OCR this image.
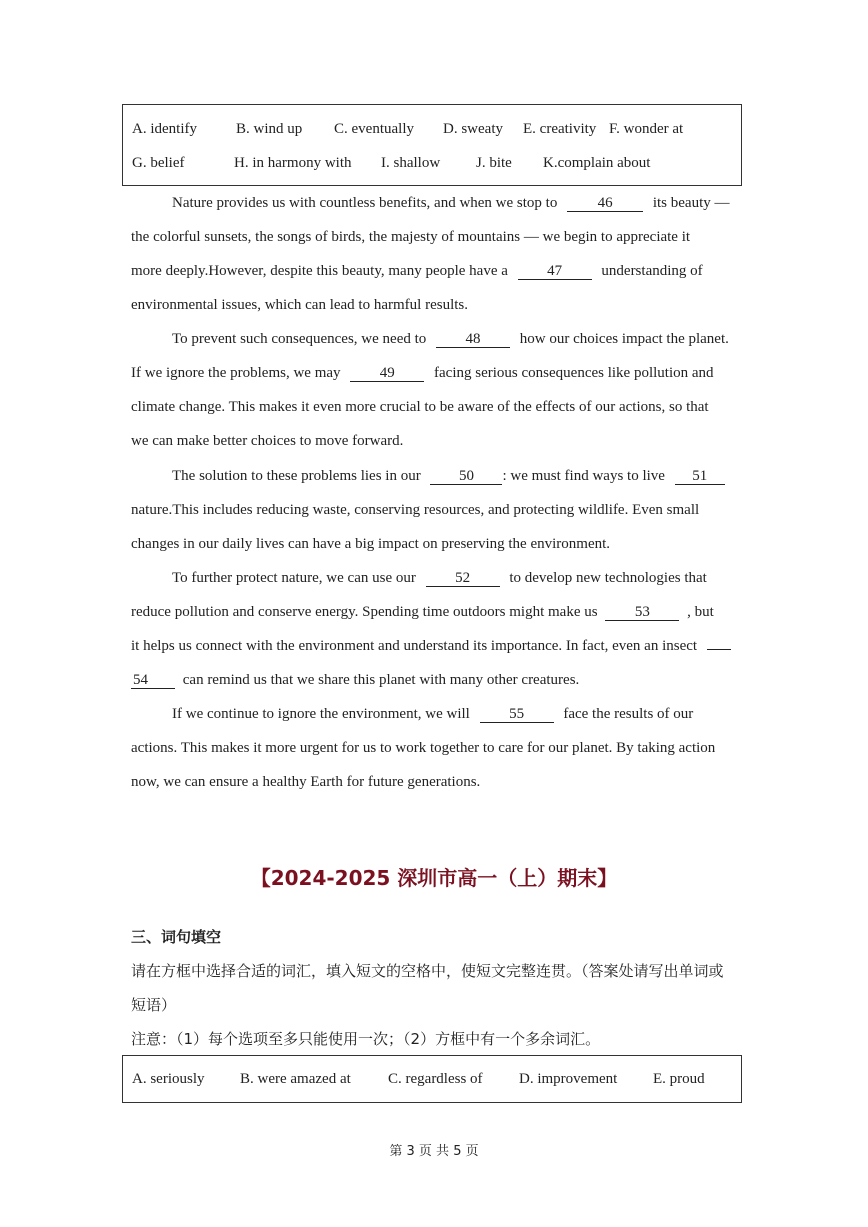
A. identify	B. wind up C. eventually D. sweaty E. creativity F. wonder at
G. belief	H. in harmony with I. shallow J. bite K.complain about
Nature provides us with countless benefits, and when we stop to	46	its beauty —
the colorful sunsets, the songs of birds, the majesty of mountains — we begin to appreciate it
more deeply.However, despite this beauty, many people have a	47	understanding of
environmental issues, which can lead to harmful results.
To prevent such consequences, we need to	48	how our choices impact the planet.
If we ignore the problems, we may	49	facing serious consequences like pollution and
climate change. This makes it even more crucial to be aware of the effects of our actions, so that
we can make better choices to move forward.
The solution to these problems lies in our	50 : we must find ways to live 51
nature.This includes reducing waste, conserving resources, and protecting wildlife. Even small
changes in our daily lives can have a big impact on preserving the environment.
To further protect nature, we can use our	52	to develop new technologies that
reduce pollution and conserve energy. Spending time outdoors might make us 53 , but
it helps us connect with the environment and understand its importance. In fact, even an insect
54 can remind us that we share this planet with many other creatures.
If we continue to ignore the environment, we will	55	face the results of our
actions. This makes it more urgent for us to work together to care for our planet. By taking action
now, we can ensure a healthy Earth for future generations.
【2024-2025 深圳市高一（上）期末】
三、词句填空
请在方框中选择合适的词汇，填入短文的空格中，使短文完整连贯。（答案处请写出单词或
短语）
注意：（1）每个选项至多只能使用一次；（2）方框中有一个多余词汇。
A. seriously B. were amazed at C. regardless of D. improvement E. proud
第 3 页 共 5 页
